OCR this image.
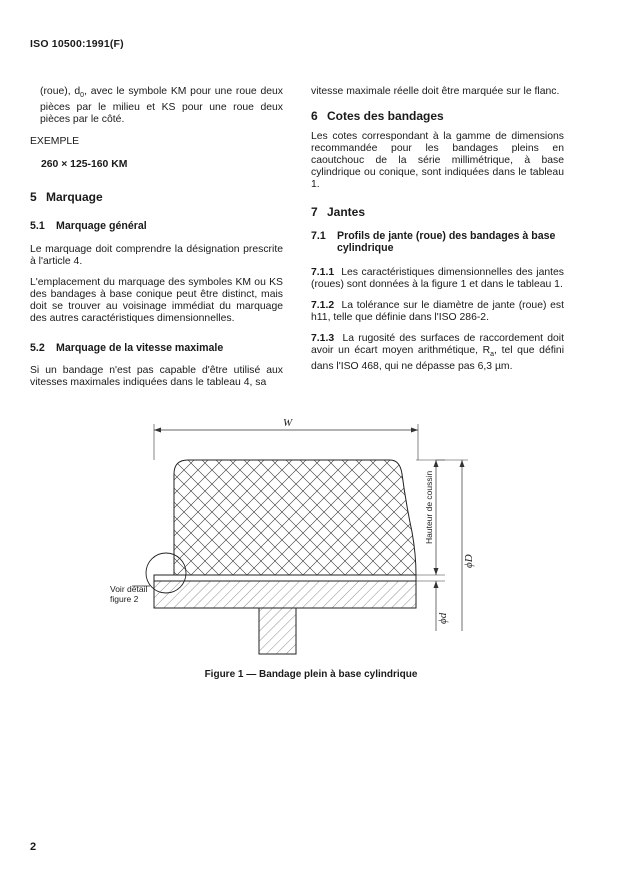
ISO 10500:1991(F)

(roue), $d_0$, avec le symbole KM pour une roue deux pièces par le milieu et KS pour une roue deux pièces par le côté.

EXEMPLE

260 × 125-160 KM

5 Marquage
5.1 Marquage général

Le marquage doit comprendre la désignation prescrite à l'article 4.

L'emplacement du marquage des symboles KM ou KS des bandages à base conique peut être distinct, mais doit se trouver au voisinage immédiat du marquage des autres caractéristiques dimensionnelles.

5.2 Marquage de la vitesse maximale

Si un bandage n'est pas capable d'être utilisé aux vitesses maximales indiquées dans le tableau 4, sa

vitesse maximale réelle doit être marquée sur le flanc.

6 Cotes des bandages

Les cotes correspondant à la gamme de dimensions recommandée pour les bandages pleins en caoutchouc de la série millimétrique, à base cylindrique ou conique, sont indiquées dans le tableau 1.

7 Jantes
7.1	Profils de jante (roue) des bandages à base cylindrique

7.1.1 Les caractéristiques dimensionnelles des jantes (roues) sont données à la figure 1 et dans le tableau 1.

7.1.2 La tolérance sur le diamètre de jante (roue) est h11, telle que définie dans l'ISO 286-2.

7.1.3 La rugosité des surfaces de raccordement doit avoir un écart moyen arithmétique, $R_a$, tel que défini dans l'ISO 468, qui ne dépasse pas 6,3 µm.

W
Voir détail
figure 2
Hauteur de coussin
ϕD
ϕd
Figure 1 — Bandage plein à base cylindrique
2
